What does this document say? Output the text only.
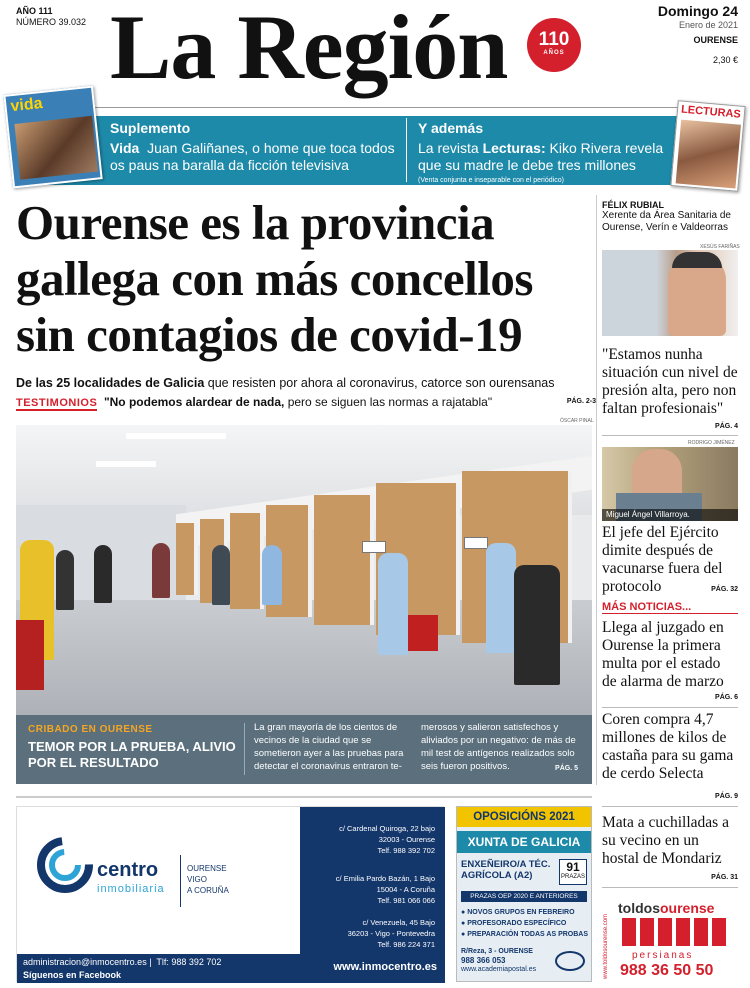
AÑO 111
NÚMERO 39.032 La Región	110
AÑOS
Domingo 24
Enero de 2021
OURENSE
2,30 €
vida
Suplemento
Vida Juan Galiñanes, o home que toca todos os paus na baralla da ficción televisiva
Y además
La revista Lecturas: Kiko Rivera revela que su madre le debe tres millones
(Venta conjunta e inseparable con el periódico)
LECTURAS
Ourense es la provincia gallega con más concellos sin contagios de covid-19
De las 25 localidades de Galicia que resisten por ahora al coronavirus, catorce son ourensanas
TESTIMONIOS "No podemos alardear de nada, pero se siguen las normas a rajatabla"	PÁG. 2-3
ÓSCAR PINAL
CRIBADO EN OURENSE
TEMOR POR LA PRUEBA, ALIVIO POR EL RESULTADO
La gran mayoría de los cientos de vecinos de la ciudad que se sometieron ayer a las pruebas para detectar el coronavirus entraron te-
merosos y salieron satisfechos y aliviados por un negativo: de más de mil test de antígenos realizados solo seis fueron positivos.	PÁG. 5
FÉLIX RUBIAL
Xerente da Área Sanitaria de Ourense, Verín e Valdeorras
XESÚS FARIÑAS
"Estamos nunha situación cun nivel de presión alta, pero non faltan profesionais"
PÁG. 4
RODRIGO JIMÉNEZ
Miguel Ángel Villarroya.
El jefe del Ejército dimite después de vacunarse fuera del protocolo	PÁG. 32
MÁS NOTICIAS...
Llega al juzgado en Ourense la primera multa por el estado de alarma de marzo
PÁG. 6
Coren compra 4,7 millones de kilos de castaña para su gama de cerdo Selecta
PÁG. 9
Mata a cuchilladas a su vecino en un hostal de Mondariz
PÁG. 31
centro
inmobiliaria
OURENSE
VIGO
A CORUÑA
c/ Cardenal Quiroga, 22 bajo
32003 - Ourense
Telf. 988 392 702
c/ Emilia Pardo Bazán, 1 Bajo
15004 - A Coruña
Telf. 981 066 066
c/ Venezuela, 45 Bajo
36203 - Vigo - Pontevedra
Telf. 986 224 371
administracion@inmocentro.es |  Tlf: 988 392 702
Síguenos en Facebook
www.inmocentro.es
OPOSICIÓNS 2021
XUNTA DE GALICIA
ENXEÑEIRO/A TÉC. AGRÍCOLA (A2)
91
PRAZAS
PRAZAS OEP 2020 E ANTERIORES
● NOVOS GRUPOS EN FEBREIRO
● PROFESORADO ESPECÍFICO
● PREPARACIÓN TODAS AS PROBAS
R/Reza, 3 - OURENSE
988 366 053
www.academiapostal.es	www.toldosourense.com
toldosourense
persianas
988 36 50 50
